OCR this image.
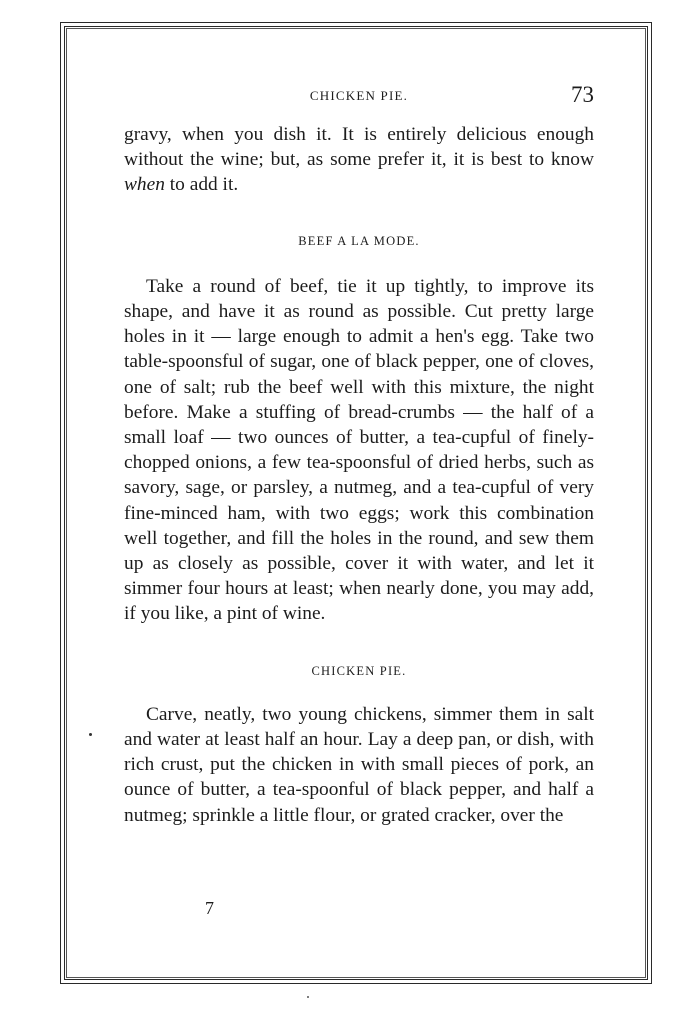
CHICKEN PIE.	73

gravy, when you dish it. It is entirely delicious enough without the wine; but, as some prefer it, it is best to know when to add it.

BEEF A LA MODE.

Take a round of beef, tie it up tightly, to improve its shape, and have it as round as possible. Cut pretty large holes in it — large enough to admit a hen's egg. Take two table-spoonsful of sugar, one of black pepper, one of cloves, one of salt; rub the beef well with this mixture, the night before. Make a stuffing of bread-crumbs — the half of a small loaf — two ounces of butter, a tea-cupful of finely-chopped onions, a few tea-spoonsful of dried herbs, such as savory, sage, or parsley, a nutmeg, and a tea-cupful of very fine-minced ham, with two eggs; work this combination well together, and fill the holes in the round, and sew them up as closely as possible, cover it with water, and let it simmer four hours at least; when nearly done, you may add, if you like, a pint of wine.

CHICKEN PIE.

Carve, neatly, two young chickens, simmer them in salt and water at least half an hour. Lay a deep pan, or dish, with rich crust, put the chicken in with small pieces of pork, an ounce of butter, a tea-spoonful of black pepper, and half a nutmeg; sprinkle a little flour, or grated cracker, over the

7
